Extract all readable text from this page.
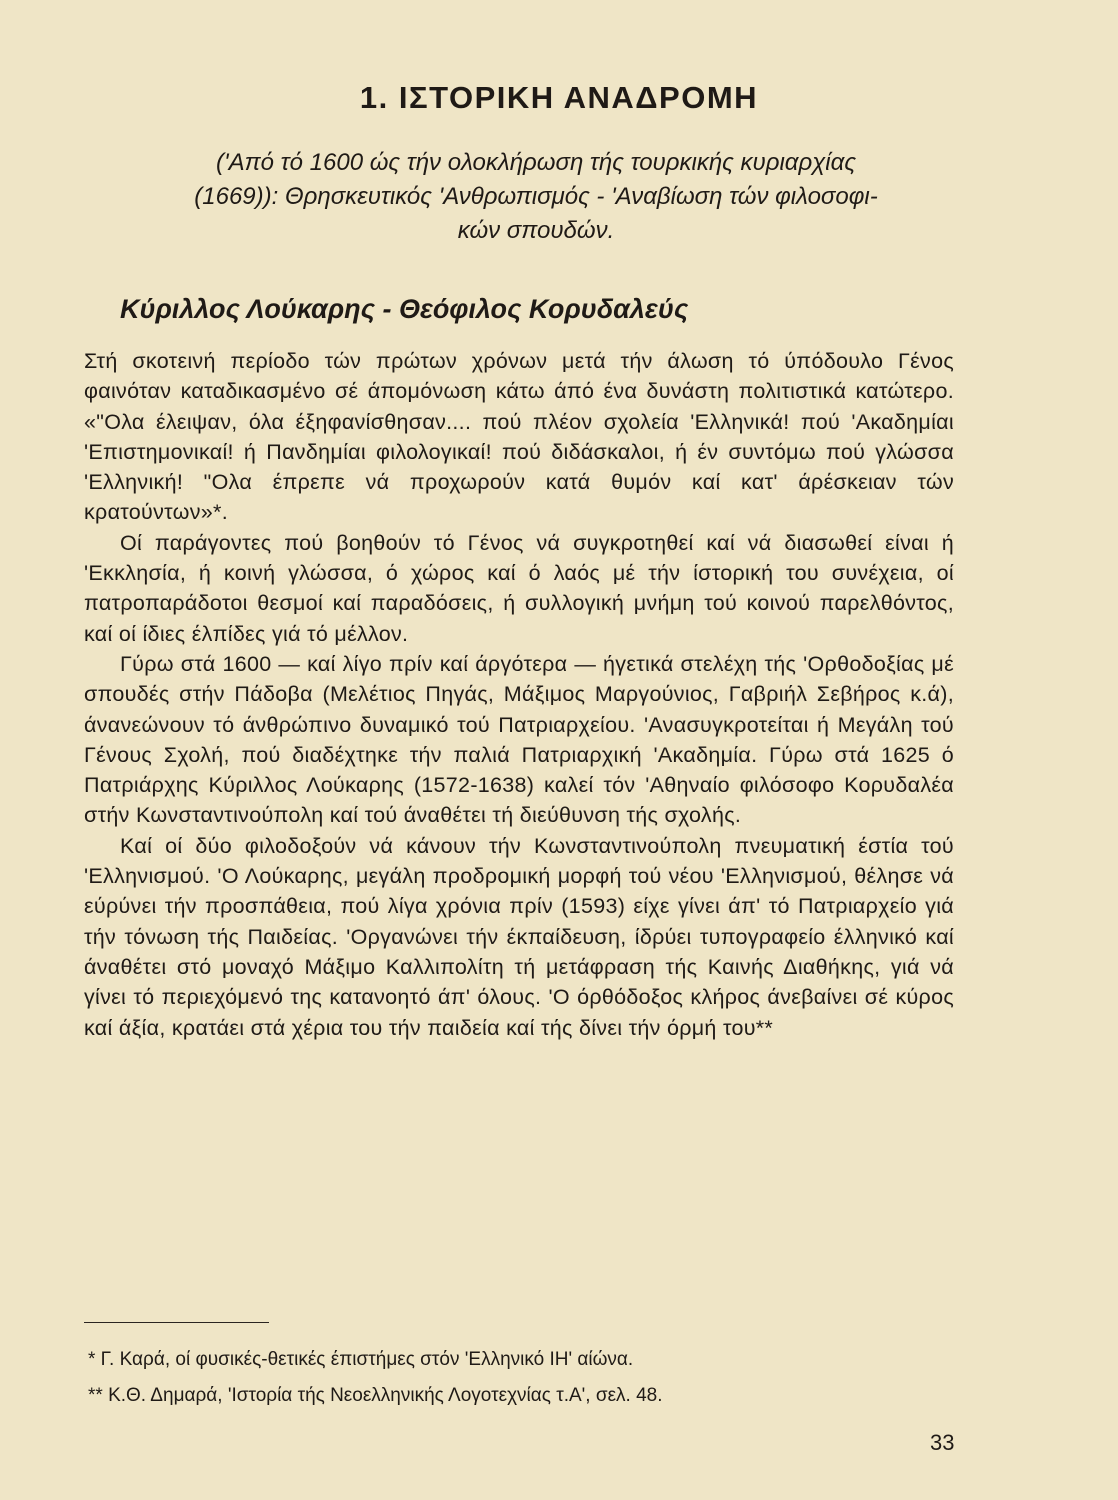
1. ΙΣΤΟΡΙΚΗ ΑΝΑΔΡΟΜΗ
('Από τό 1600 ώς τήν ολοκλήρωση τής τουρκικής κυριαρχίας
(1669)): Θρησκευτικός 'Ανθρωπισμός - 'Αναβίωση τών φιλοσοφι-
κών σπουδών.
Κύριλλος Λούκαρης - Θεόφιλος Κορυδαλεύς

Στή σκοτεινή περίοδο τών πρώτων χρόνων μετά τήν άλωση τό ύπόδουλο Γένος φαινόταν καταδικασμένο σέ άπομόνωση κάτω άπό ένα δυνάστη πολιτιστικά κατώτερο. «"Ολα έλειψαν, όλα έξηφανίσθησαν.... πού πλέον σχολεία 'Ελληνικά! πού 'Ακαδημίαι 'Επιστημονικαί! ή Πανδημίαι φιλολογικαί! πού διδάσκαλοι, ή έν συντόμω πού γλώσσα 'Ελληνική! "Ολα έπρεπε νά προχωρούν κατά θυμόν καί κατ' άρέσκειαν τών κρατούντων»*.

Οί παράγοντες πού βοηθούν τό Γένος νά συγκροτηθεί καί νά διασωθεί είναι ή 'Εκκλησία, ή κοινή γλώσσα, ό χώρος καί ό λαός μέ τήν ίστορική του συνέχεια, οί πατροπαράδοτοι θεσμοί καί παραδόσεις, ή συλλογική μνήμη τού κοινού παρελθόντος, καί οί ίδιες έλπίδες γιά τό μέλλον.

Γύρω στά 1600 — καί λίγο πρίν καί άργότερα — ήγετικά στελέχη τής 'Ορθοδοξίας μέ σπουδές στήν Πάδοβα (Μελέτιος Πηγάς, Μάξιμος Μαργούνιος, Γαβριήλ Σεβήρος κ.ά), άνανεώνουν τό άνθρώπινο δυναμικό τού Πατριαρχείου. 'Ανασυγκροτείται ή Μεγάλη τού Γένους Σχολή, πού διαδέχτηκε τήν παλιά Πατριαρχική 'Ακαδημία. Γύρω στά 1625 ό Πατριάρχης Κύριλλος Λούκαρης (1572-1638) καλεί τόν 'Αθηναίο φιλόσοφο Κορυδαλέα στήν Κωνσταντινούπολη καί τού άναθέτει τή διεύθυνση τής σχολής.

Καί οί δύο φιλοδοξούν νά κάνουν τήν Κωνσταντινούπολη πνευματική έστία τού 'Ελληνισμού. 'Ο Λούκαρης, μεγάλη προδρομική μορφή τού νέου 'Ελληνισμού, θέλησε νά εύρύνει τήν προσπάθεια, πού λίγα χρόνια πρίν (1593) είχε γίνει άπ' τό Πατριαρχείο γιά τήν τόνωση τής Παιδείας. 'Οργανώνει τήν έκπαίδευση, ίδρύει τυπογραφείο έλληνικό καί άναθέτει στό μοναχό Μάξιμο Καλλιπολίτη τή μετάφραση τής Καινής Διαθήκης, γιά νά γίνει τό περιεχόμενό της κατανοητό άπ' όλους. 'Ο όρθόδοξος κλήρος άνεβαίνει σέ κύρος καί άξία, κρατάει στά χέρια του τήν παιδεία καί τής δίνει τήν όρμή του**

* Γ. Καρά, οί φυσικές-θετικές έπιστήμες στόν 'Ελληνικό ΙΗ' αίώνα.
** Κ.Θ. Δημαρά, 'Ιστορία τής Νεοελληνικής Λογοτεχνίας τ.Α', σελ. 48.
33
